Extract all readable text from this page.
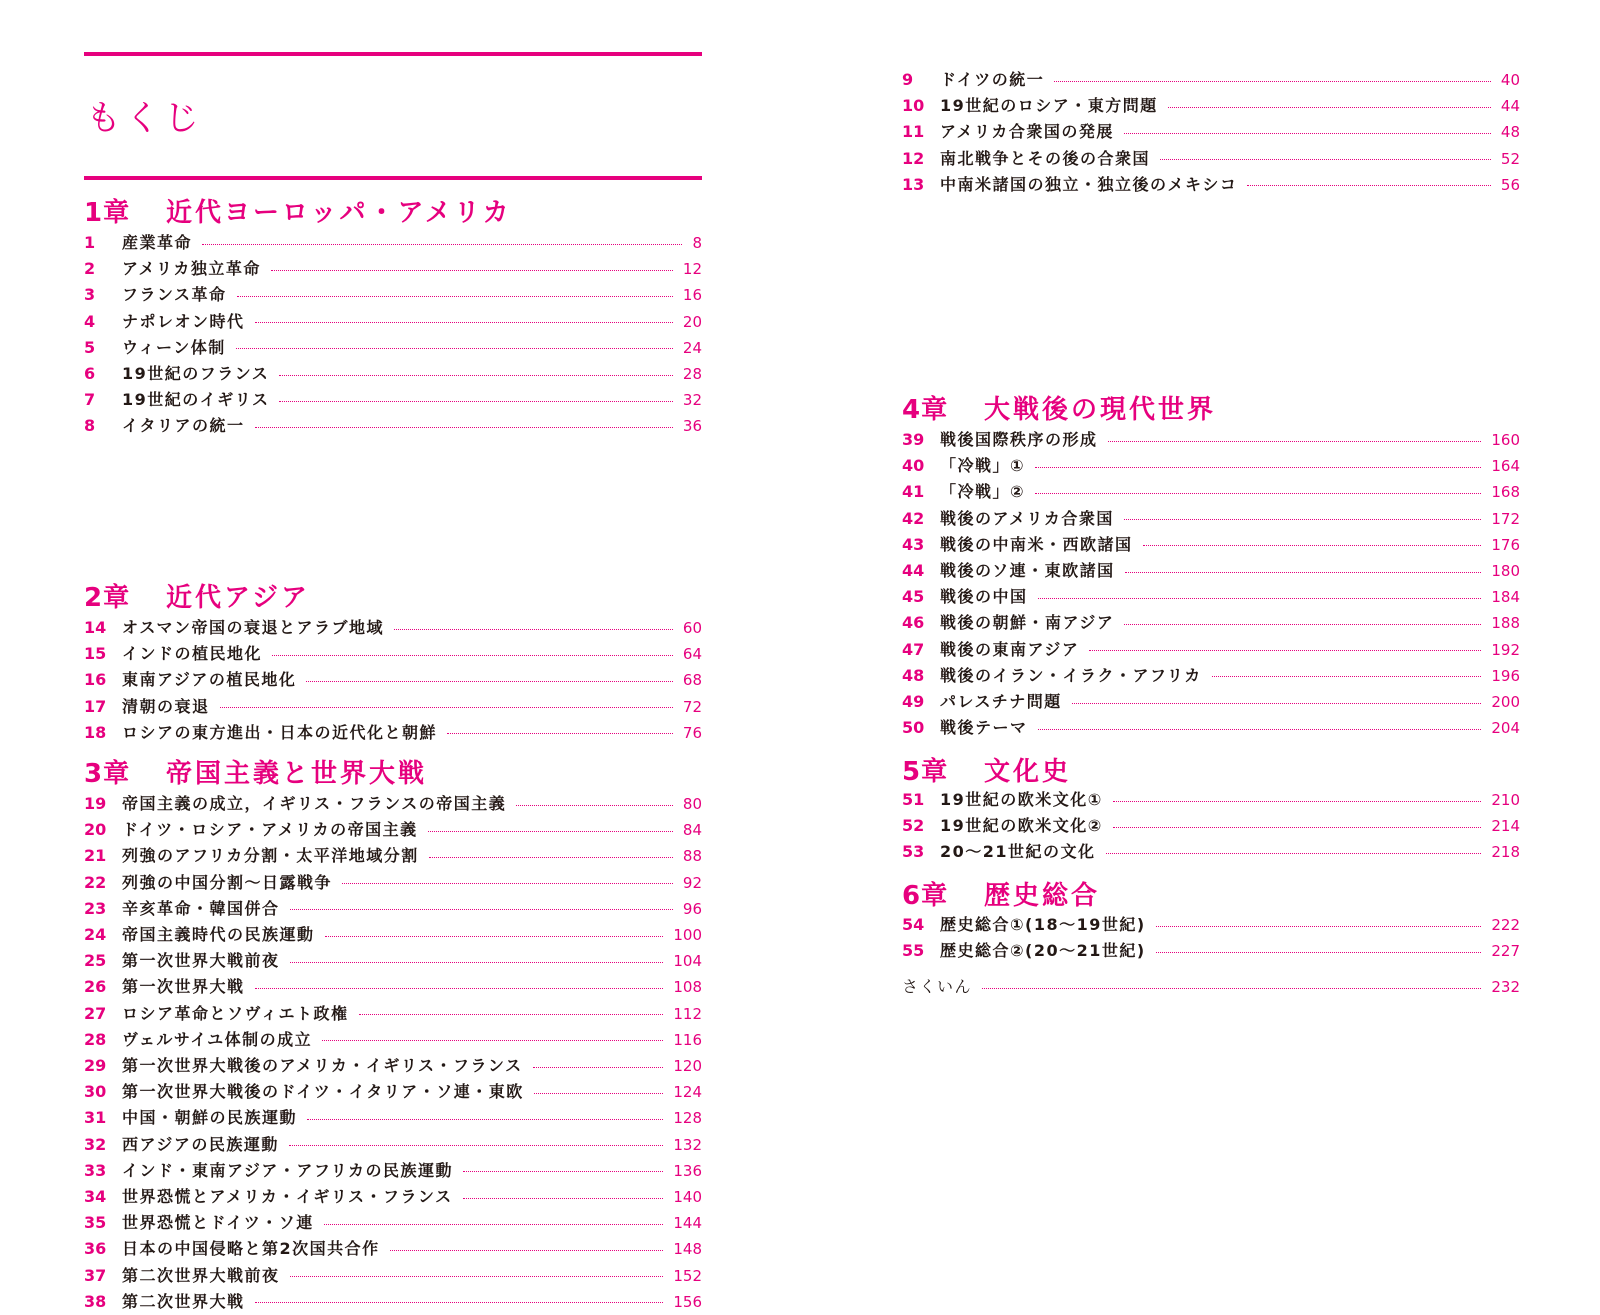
もくじ
1章	近代ヨーロッパ・アメリカ
1	産業革命	8
2	アメリカ独立革命	12
3	フランス革命	16
4	ナポレオン時代	20
5	ウィーン体制	24
6	19世紀のフランス	28
7	19世紀のイギリス	32
8	イタリアの統一	36
2章	近代アジア
14 オスマン帝国の衰退とアラブ地域	60
15 インドの植民地化	64
16 東南アジアの植民地化	68
17 清朝の衰退	72
18 ロシアの東方進出・日本の近代化と朝鮮	76
3章	帝国主義と世界大戦
19 帝国主義の成立，イギリス・フランスの帝国主義	80
20 ドイツ・ロシア・アメリカの帝国主義	84
21 列強のアフリカ分割・太平洋地域分割	88
22 列強の中国分割～日露戦争	92
23 辛亥革命・韓国併合	96
24 帝国主義時代の民族運動	100
25 第一次世界大戦前夜	104
26 第一次世界大戦	108
27 ロシア革命とソヴィエト政権	112
28 ヴェルサイユ体制の成立	116
29 第一次世界大戦後のアメリカ・イギリス・フランス	120
30 第一次世界大戦後のドイツ・イタリア・ソ連・東欧	124
31 中国・朝鮮の民族運動	128
32 西アジアの民族運動	132
33 インド・東南アジア・アフリカの民族運動	136
34 世界恐慌とアメリカ・イギリス・フランス	140
35 世界恐慌とドイツ・ソ連	144
36 日本の中国侵略と第2次国共合作	148
37 第二次世界大戦前夜	152
38 第二次世界大戦	156
9	ドイツの統一	40
10 19世紀のロシア・東方問題	44
11 アメリカ合衆国の発展	48
12 南北戦争とその後の合衆国	52
13 中南米諸国の独立・独立後のメキシコ	56
4章	大戦後の現代世界
39 戦後国際秩序の形成	160
40 「冷戦」①	164
41 「冷戦」②	168
42 戦後のアメリカ合衆国	172
43 戦後の中南米・西欧諸国	176
44 戦後のソ連・東欧諸国	180
45 戦後の中国	184
46 戦後の朝鮮・南アジア	188
47 戦後の東南アジア	192
48 戦後のイラン・イラク・アフリカ	196
49 パレスチナ問題	200
50 戦後テーマ	204
5章	文化史
51 19世紀の欧米文化①	210
52 19世紀の欧米文化②	214
53 20～21世紀の文化	218
6章	歴史総合
54 歴史総合①(18～19世紀)	222
55 歴史総合②(20～21世紀)	227
さくいん	232
